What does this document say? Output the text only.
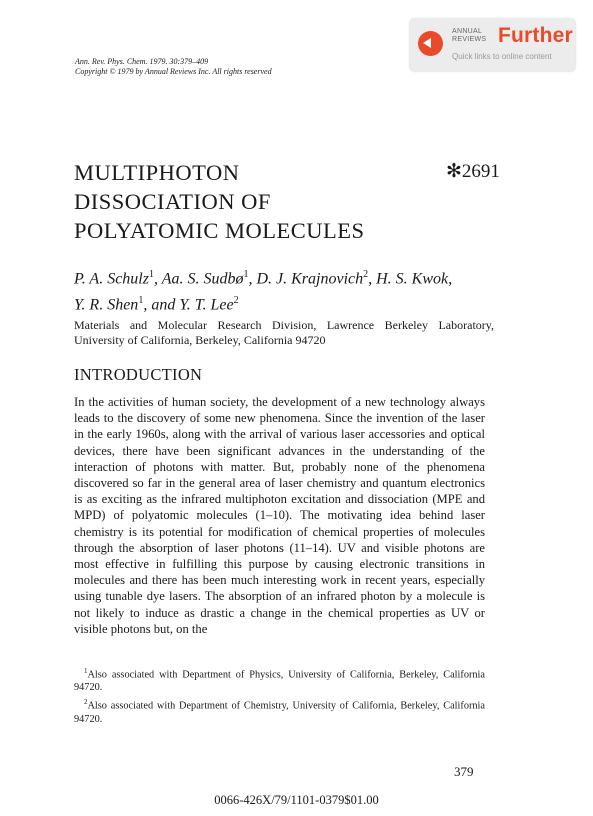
Ann. Rev. Phys. Chem. 1979. 30:379–409
Copyright © 1979 by Annual Reviews Inc. All rights reserved
ANNUAL
REVIEWS Further
Quick links to online content
MULTIPHOTON
DISSOCIATION OF
POLYATOMIC MOLECULES
✻2691
P. A. Schulz$^1$, Aa. S. Sudbø$^1$, D. J. Krajnovich$^2$, H. S. Kwok,
Y. R. Shen$^1$, and Y. T. Lee$^2$
Materials and Molecular Research Division, Lawrence Berkeley Laboratory, University of California, Berkeley, California 94720
INTRODUCTION
In the activities of human society, the development of a new technology always leads to the discovery of some new phenomena. Since the invention of the laser in the early 1960s, along with the arrival of various laser accessories and optical devices, there have been significant advances in the understanding of the interaction of photons with matter. But, probably none of the phenomena discovered so far in the general area of laser chemistry and quantum electronics is as exciting as the infrared multiphoton excitation and dissociation (MPE and MPD) of polyatomic molecules (1–10). The motivating idea behind laser chemistry is its potential for modification of chemical properties of molecules through the absorption of laser photons (11–14). UV and visible photons are most effective in fulfilling this purpose by causing electronic transitions in molecules and there has been much interesting work in recent years, especially using tunable dye lasers. The absorption of an infrared photon by a molecule is not likely to induce as drastic a change in the chemical properties as UV or visible photons but, on the

$^1$Also associated with Department of Physics, University of California, Berkeley, California 94720.

$^2$Also associated with Department of Chemistry, University of California, Berkeley, California 94720.

379
0066-426X/79/1101-0379$01.00
